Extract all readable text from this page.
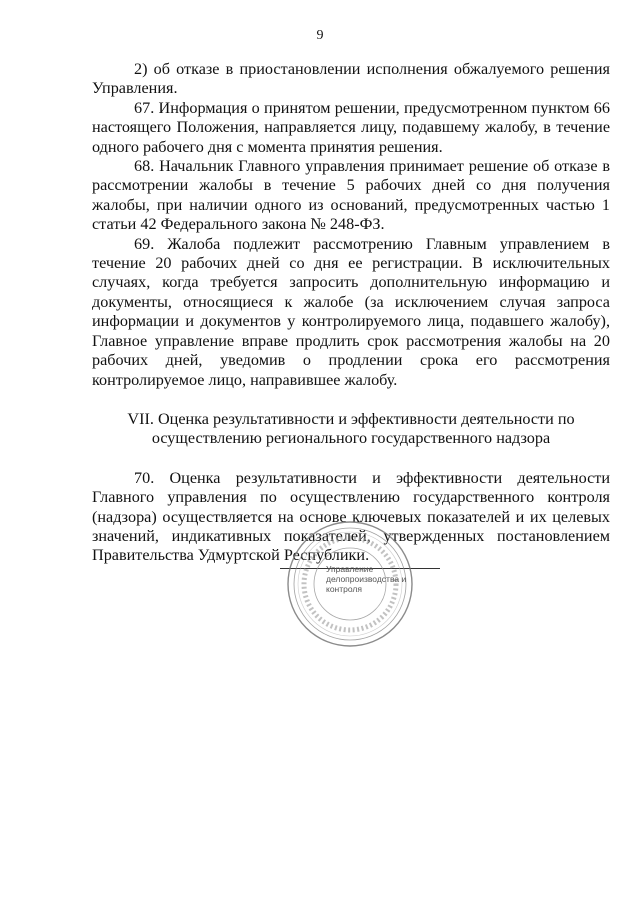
9

2) об отказе в приостановлении исполнения обжалуемого решения Управления.

67. Информация о принятом решении, предусмотренном пунктом 66 настоящего Положения, направляется лицу, подавшему жалобу, в течение одного рабочего дня с момента принятия решения.

68. Начальник Главного управления принимает решение об отказе в рассмотрении жалобы в течение 5 рабочих дней со дня получения жалобы, при наличии одного из оснований, предусмотренных частью 1 статьи 42 Федерального закона № 248-ФЗ.

69. Жалоба подлежит рассмотрению Главным управлением в течение 20 рабочих дней со дня ее регистрации. В исключительных случаях, когда требуется запросить дополнительную информацию и документы, относящиеся к жалобе (за исключением случая запроса информации и документов у контролируемого лица, подавшего жалобу), Главное управление вправе продлить срок рассмотрения жалобы на 20 рабочих дней, уведомив о продлении срока его рассмотрения контролируемое лицо, направившее жалобу.

VII. Оценка результативности и эффективности деятельности по осуществлению регионального государственного надзора

70. Оценка результативности и эффективности деятельности Главного управления по осуществлению государственного контроля (надзора) осуществляется на основе ключевых показателей и их целевых значений, индикативных показателей, утвержденных постановлением Правительства Удмуртской Республики.

Управление делопроизводства и контроля
